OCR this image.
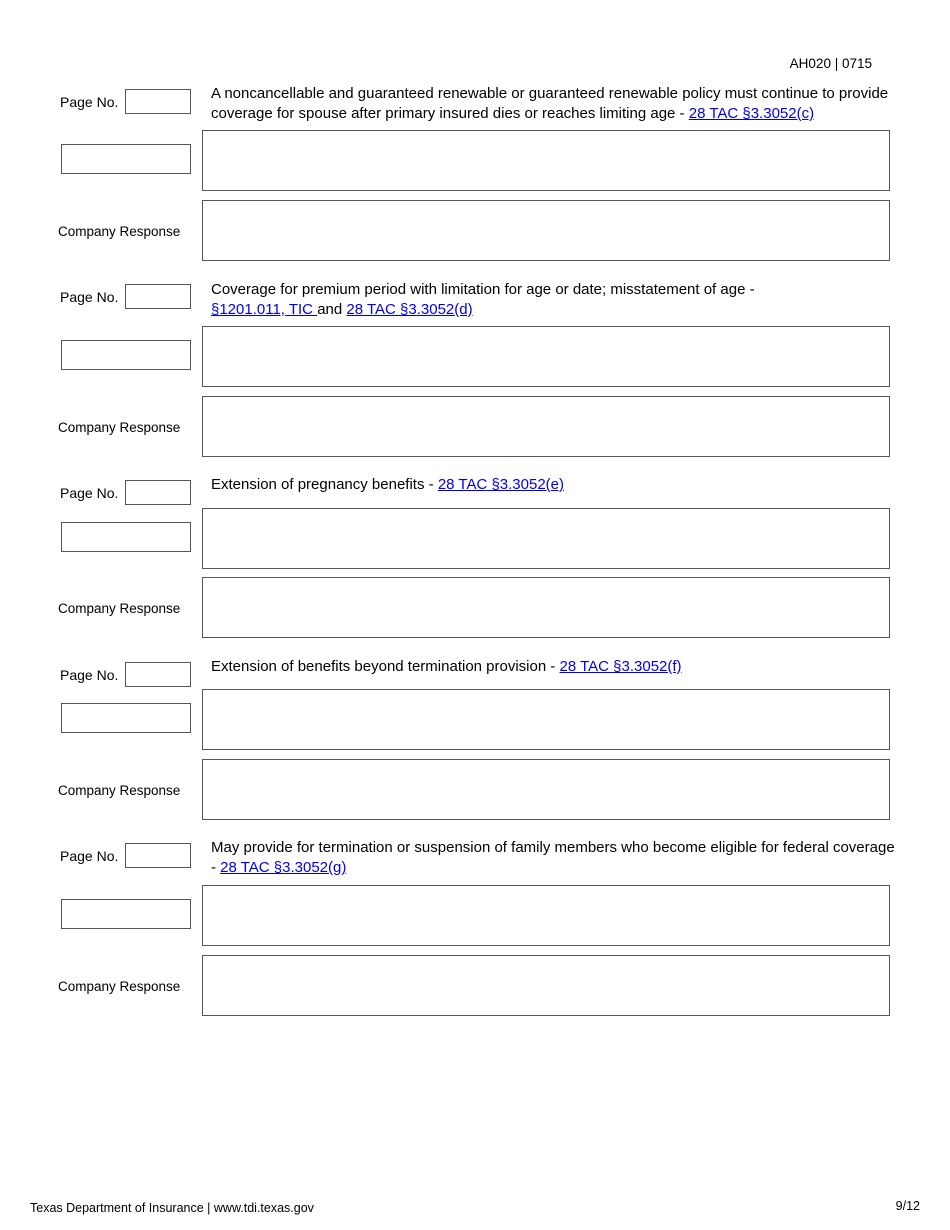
AH020 | 0715
Page No.	A noncancellable and guaranteed renewable or guaranteed renewable policy must continue to provide coverage for spouse after primary insured dies or reaches limiting age - 28 TAC §3.3052(c)
Company Response
Page No.	Coverage for premium period with limitation for age or date; misstatement of age -
§1201.011, TIC and 28 TAC §3.3052(d)
Company Response
Page No.	Extension of pregnancy benefits - 28 TAC §3.3052(e)
Company Response
Page No.	Extension of benefits beyond termination provision - 28 TAC §3.3052(f)
Company Response
Page No.	May provide for termination or suspension of family members who become eligible for federal coverage - 28 TAC §3.3052(g)
Company Response
Texas Department of Insurance | www.tdi.texas.gov	9/12
